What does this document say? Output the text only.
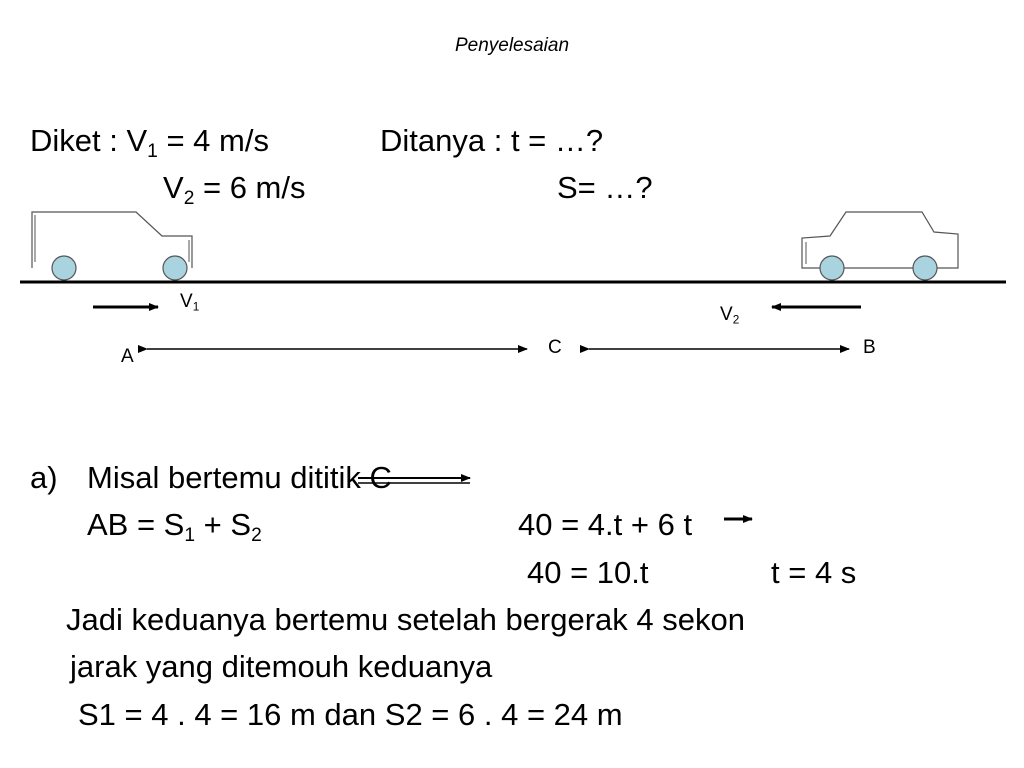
Penyelesaian
Diket : $V_1 = 4$ m/s	Ditanya : t = …?
$V_2 = 6$ m/s	S= …?
$V_1$	$V_2$
A	C	B
a) Misal bertemu dititik C
AB = $S_1 + S_2$	40 = 4.t + 6 t
40 = 10.t	t = 4 s
Jadi keduanya bertemu setelah bergerak 4 sekon
jarak yang ditemouh keduanya
S1 = 4 . 4 = 16 m dan S2 = 6 . 4 = 24 m
